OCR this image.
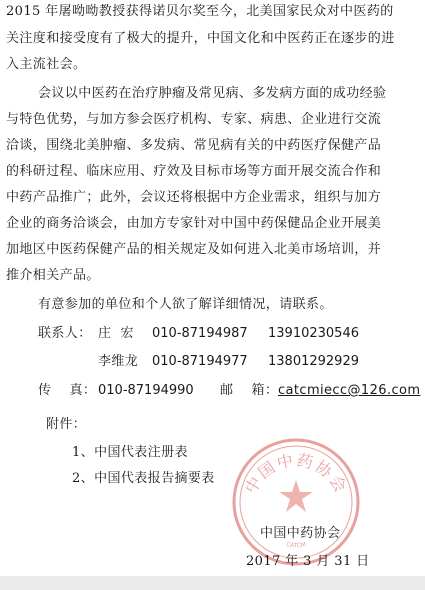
2015 年屠呦呦教授获得诺贝尔奖至今，北美国家民众对中医药的
关注度和接受度有了极大的提升，中国文化和中医药正在逐步的进
入主流社会。
会议以中医药在治疗肿瘤及常见病、多发病方面的成功经验
与特色优势，与加方参会医疗机构、专家、病患、企业进行交流
洽谈，围绕北美肿瘤、多发病、常见病有关的中药医疗保健产品
的科研过程、临床应用、疗效及目标市场等方面开展交流合作和
中药产品推广；此外，会议还将根据中方企业需求，组织与加方
企业的商务洽谈会，由加方专家针对中国中药保健品企业开展美
加地区中医药保健产品的相关规定及如何进入北美市场培训，并
推介相关产品。
有意参加的单位和个人欲了解详细情况，请联系。
联系人： 庄  宏	010-87194987	13910230546
李维龙	010-87194977	13801292929
传    真： 010-87194990	邮    箱： catcmiecc@126.com
附件：
1、中国代表注册表
2、中国代表报告摘要表	中国中药协会
CATCM
中国中药协会
2017 年 3 月 31 日
